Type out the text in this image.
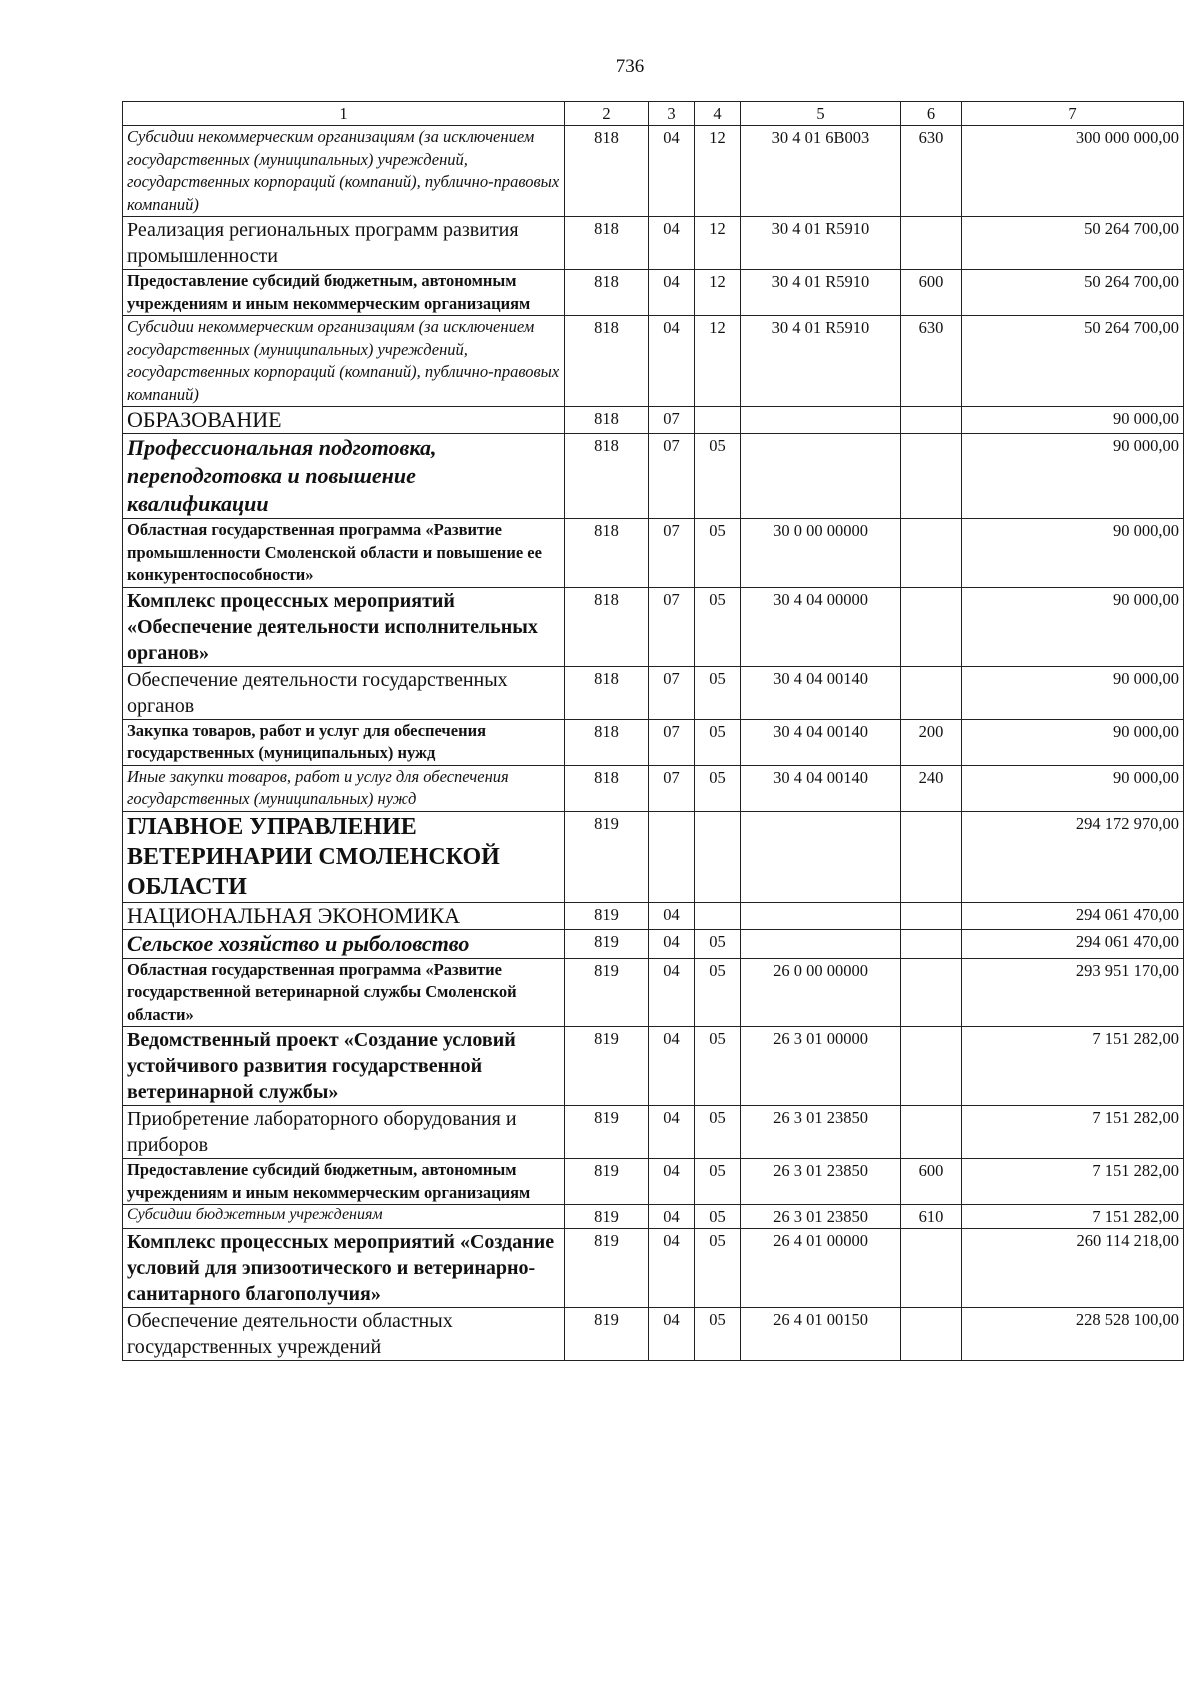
736
1	2	3	4	5	6	7
Субсидии некоммерческим организациям (за исключением государственных (муниципальных) учреждений, государственных корпораций (компаний), публично-правовых компаний)	818	04	12	30 4 01 6В003	630	300 000 000,00
Реализация региональных программ развития промышленности	818	04	12	30 4 01 R5910		50 264 700,00
Предоставление субсидий бюджетным, автономным учреждениям и иным некоммерческим организациям	818	04	12	30 4 01 R5910	600	50 264 700,00
Субсидии некоммерческим организациям (за исключением государственных (муниципальных) учреждений, государственных корпораций (компаний), публично-правовых компаний)	818	04	12	30 4 01 R5910	630	50 264 700,00
ОБРАЗОВАНИЕ	818	07				90 000,00
Профессиональная подготовка, переподготовка и повышение квалификации	818	07	05			90 000,00
Областная государственная программа «Развитие промышленности Смоленской области и повышение ее конкурентоспособности»	818	07	05	30 0 00 00000		90 000,00
Комплекс процессных мероприятий «Обеспечение деятельности исполнительных органов»	818	07	05	30 4 04 00000		90 000,00
Обеспечение деятельности государственных органов	818	07	05	30 4 04 00140		90 000,00
Закупка товаров, работ и услуг для обеспечения государственных (муниципальных) нужд	818	07	05	30 4 04 00140	200	90 000,00
Иные закупки товаров, работ и услуг для обеспечения государственных (муниципальных) нужд	818	07	05	30 4 04 00140	240	90 000,00
ГЛАВНОЕ УПРАВЛЕНИЕ ВЕТЕРИНАРИИ СМОЛЕНСКОЙ ОБЛАСТИ	819					294 172 970,00
НАЦИОНАЛЬНАЯ ЭКОНОМИКА	819	04				294 061 470,00
Сельское хозяйство и рыболовство	819	04	05			294 061 470,00
Областная государственная программа «Развитие государственной ветеринарной службы Смоленской области»	819	04	05	26 0 00 00000		293 951 170,00
Ведомственный проект «Создание условий устойчивого развития государственной ветеринарной службы»	819	04	05	26 3 01 00000		7 151 282,00
Приобретение лабораторного оборудования и приборов	819	04	05	26 3 01 23850		7 151 282,00
Предоставление субсидий бюджетным, автономным учреждениям и иным некоммерческим организациям	819	04	05	26 3 01 23850	600	7 151 282,00
Субсидии бюджетным учреждениям	819	04	05	26 3 01 23850	610	7 151 282,00
Комплекс процессных мероприятий «Создание условий для эпизоотического и ветеринарно-санитарного благополучия»	819	04	05	26 4 01 00000		260 114 218,00
Обеспечение деятельности областных государственных учреждений	819	04	05	26 4 01 00150		228 528 100,00
